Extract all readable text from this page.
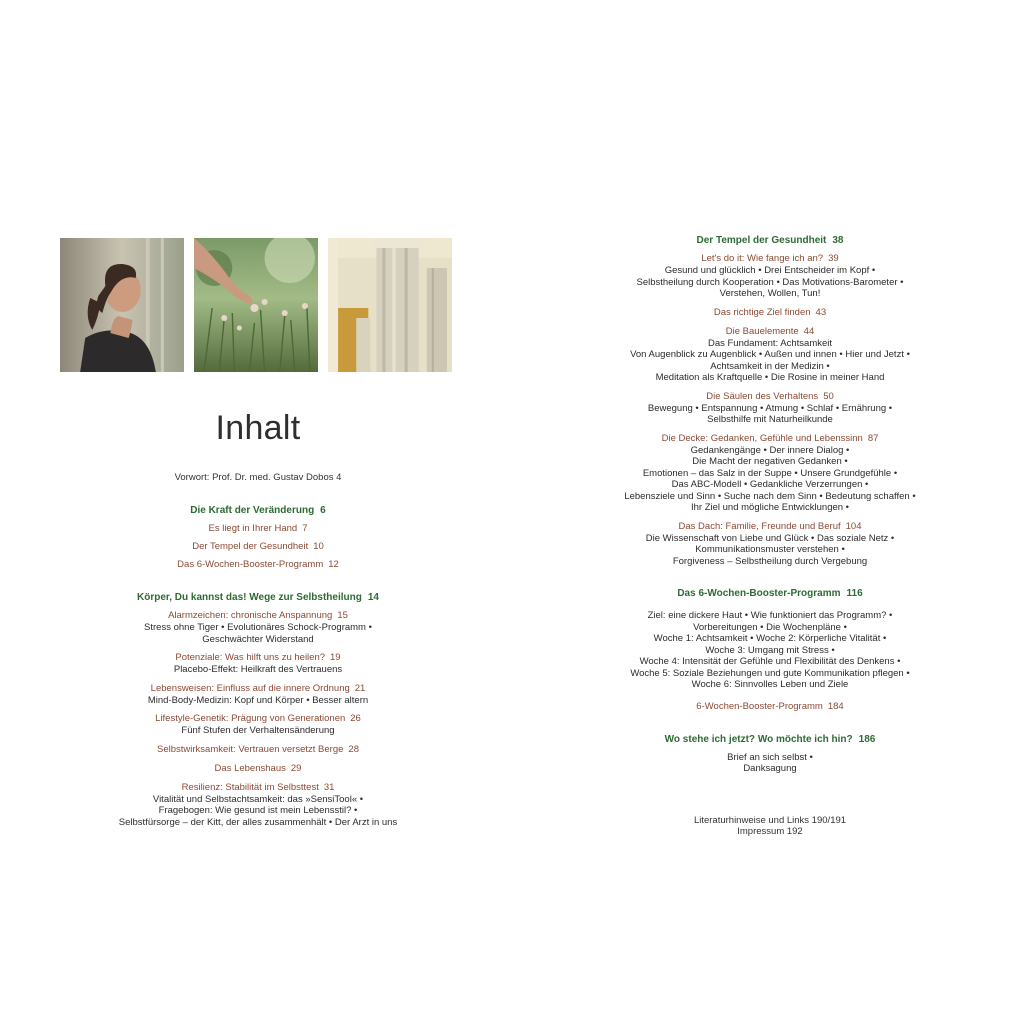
Inhalt
Vorwort: Prof. Dr. med. Gustav Dobos 4
Die Kraft der Veränderung 6
Es liegt in Ihrer Hand 7
Der Tempel der Gesundheit 10
Das 6-Wochen-Booster-Programm 12
Körper, Du kannst das! Wege zur Selbstheilung 14
Alarmzeichen: chronische Anspannung 15
Stress ohne Tiger • Evolutionäres Schock-Programm •
Geschwächter Widerstand
Potenziale: Was hilft uns zu heilen? 19
Placebo-Effekt: Heilkraft des Vertrauens
Lebensweisen: Einfluss auf die innere Ordnung 21
Mind-Body-Medizin: Kopf und Körper • Besser altern
Lifestyle-Genetik: Prägung von Generationen 26
Fünf Stufen der Verhaltensänderung
Selbstwirksamkeit: Vertrauen versetzt Berge 28
Das Lebenshaus 29
Resilienz: Stabilität im Selbsttest 31
Vitalität und Selbstachtsamkeit: das »SensiTool« •
Fragebogen: Wie gesund ist mein Lebensstil? •
Selbstfürsorge – der Kitt, der alles zusammenhält • Der Arzt in uns
Der Tempel der Gesundheit 38
Let's do it: Wie fange ich an? 39
Gesund und glücklich • Drei Entscheider im Kopf •
Selbstheilung durch Kooperation • Das Motivations-Barometer •
Verstehen, Wollen, Tun!
Das richtige Ziel finden 43
Die Bauelemente 44
Das Fundament: Achtsamkeit
Von Augenblick zu Augenblick • Außen und innen • Hier und Jetzt •
Achtsamkeit in der Medizin •
Meditation als Kraftquelle • Die Rosine in meiner Hand
Die Säulen des Verhaltens 50
Bewegung • Entspannung • Atmung • Schlaf • Ernährung •
Selbsthilfe mit Naturheilkunde
Die Decke: Gedanken, Gefühle und Lebenssinn 87
Gedankengänge • Der innere Dialog •
Die Macht der negativen Gedanken •
Emotionen – das Salz in der Suppe • Unsere Grundgefühle •
Das ABC-Modell • Gedankliche Verzerrungen •
Lebensziele und Sinn • Suche nach dem Sinn • Bedeutung schaffen •
Ihr Ziel und mögliche Entwicklungen •
Das Dach: Familie, Freunde und Beruf 104
Die Wissenschaft von Liebe und Glück • Das soziale Netz •
Kommunikationsmuster verstehen •
Forgiveness – Selbstheilung durch Vergebung
Das 6-Wochen-Booster-Programm 116
Ziel: eine dickere Haut • Wie funktioniert das Programm? •
Vorbereitungen • Die Wochenpläne •
Woche 1: Achtsamkeit • Woche 2: Körperliche Vitalität •
Woche 3: Umgang mit Stress •
Woche 4: Intensität der Gefühle und Flexibilität des Denkens •
Woche 5: Soziale Beziehungen und gute Kommunikation pflegen •
Woche 6: Sinnvolles Leben und Ziele
6-Wochen-Booster-Programm 184
Wo stehe ich jetzt? Wo möchte ich hin? 186
Brief an sich selbst •
Danksagung
Literaturhinweise und Links 190/191
Impressum 192
